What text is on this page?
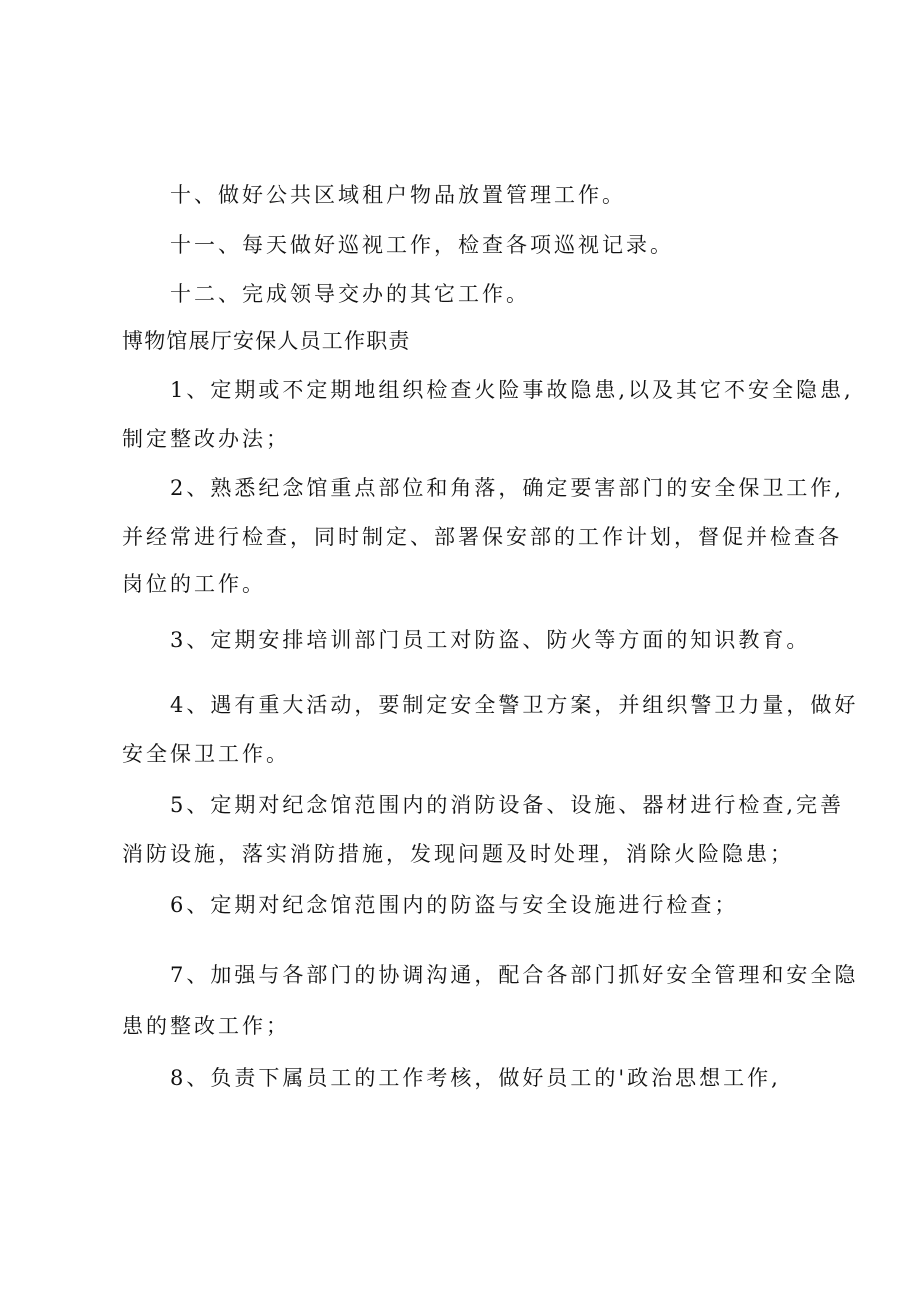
十、做好公共区域租户物品放置管理工作。
十一、每天做好巡视工作，检查各项巡视记录。
十二、完成领导交办的其它工作。
博物馆展厅安保人员工作职责
1、定期或不定期地组织检查火险事故隐患,以及其它不安全隐患,
制定整改办法；
2、熟悉纪念馆重点部位和角落，确定要害部门的安全保卫工作,
并经常进行检查，同时制定、部署保安部的工作计划，督促并检查各
岗位的工作。
3、定期安排培训部门员工对防盗、防火等方面的知识教育。
4、遇有重大活动，要制定安全警卫方案，并组织警卫力量，做好
安全保卫工作。
5、定期对纪念馆范围内的消防设备、设施、器材进行检查,完善
消防设施，落实消防措施，发现问题及时处理，消除火险隐患；
6、定期对纪念馆范围内的防盗与安全设施进行检查；
7、加强与各部门的协调沟通，配合各部门抓好安全管理和安全隐
患的整改工作；
8、负责下属员工的工作考核，做好员工的'政治思想工作,
